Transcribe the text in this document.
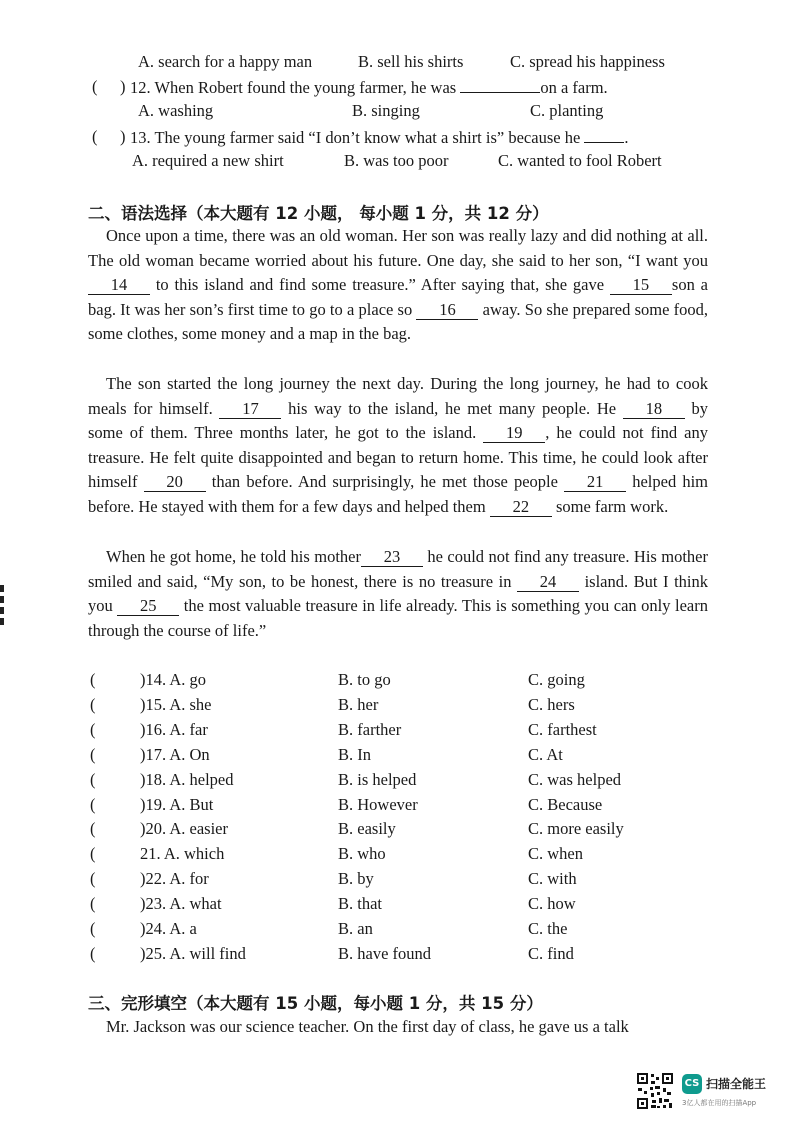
A. search for a happy man	B. sell his shirts	C. spread his happiness
( ) 12. When Robert found the young farmer, he was	on a farm.
A. washing	B. singing	C. planting
( ) 13. The young farmer said “I don’t know what a shirt is” because he .
A. required a new shirt	B. was too poor	C. wanted to fool Robert
二、语法选择（本大题有 12 小题， 每小题 1 分，共 12 分）
Once upon a time, there was an old woman. Her son was really lazy and did nothing at all. The old woman became worried about his future. One day, she said to her son, “I want you 14 to this island and find some treasure.” After saying that, she gave 15 son a bag. It was her son’s first time to go to a place so 16 away. So she prepared some food, some clothes, some money and a map in the bag.
The son started the long journey the next day. During the long journey, he had to cook meals for himself. 17 his way to the island, he met many people. He 18 by some of them. Three months later, he got to the island. 19 , he could not find any treasure. He felt quite disappointed and began to return home. This time, he could look after himself 20 than before. And surprisingly, he met those people 21 helped him before. He stayed with them for a few days and helped them 22 some farm work.
When he got home, he told his mother 23 he could not find any treasure. His mother smiled and said, “My son, to be honest, there is no treasure in 24 island. But I think you 25 the most valuable treasure in life already. This is something you can only learn through the course of life.”
(	)14. A. go	B. to go	C. going
(	)15. A. she	B. her	C. hers
(	)16. A. far	B. farther	C. farthest
(	)17. A. On	B. In	C. At
(	)18. A. helped	B. is helped	C. was helped
(	)19. A. But	B. However	C. Because
(	)20. A. easier	B. easily	C. more easily
(	21. A. which	B. who	C. when
(	)22. A. for	B. by	C. with
(	)23. A. what	B. that	C. how
(	)24. A. a	B. an	C. the
(	)25. A. will find	B. have found	C. find
三、完形填空（本大题有 15 小题，每小题 1 分，共 15 分）
Mr. Jackson was our science teacher. On the first day of class, he gave us a talk
CS 扫描全能王
3亿人都在用的扫描App
